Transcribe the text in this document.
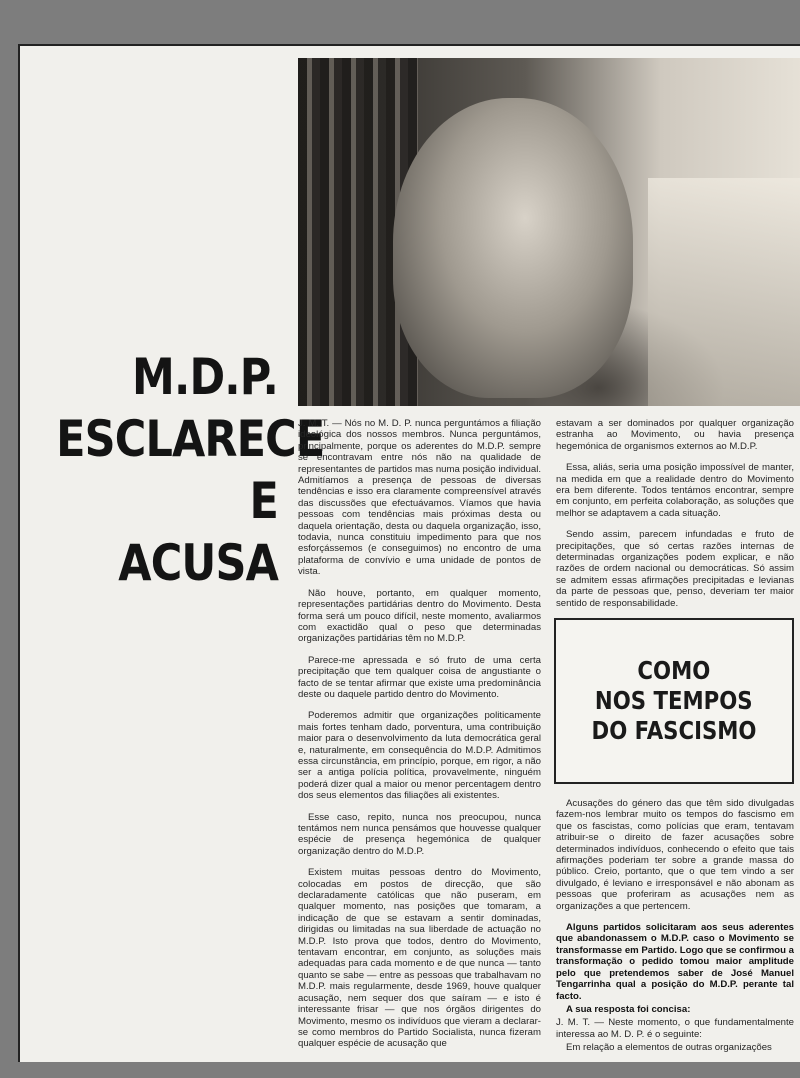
M.D.P.
ESCLARECE
E
ACUSA

J. M. T. — Nós no M. D. P. nunca perguntámos a filiação ideológica dos nossos membros. Nunca perguntámos, principalmente, porque os aderentes do M.D.P. sempre se encontravam entre nós não na qualidade de representantes de partidos mas numa posição individual. Admitíamos a presença de pessoas de diversas tendências e isso era claramente compreensível através das discussões que efectuávamos. Víamos que havia pessoas com tendências mais próximas desta ou daquela orientação, desta ou daquela organização, isso, todavia, nunca constituiu impedimento para que nos esforçássemos (e conseguimos) no encontro de uma plataforma de convívio e uma unidade de pontos de vista.

Não houve, portanto, em qualquer momento, representações partidárias dentro do Movimento. Desta forma será um pouco difícil, neste momento, avaliarmos com exactidão qual o peso que determinadas organizações partidárias têm no M.D.P.

Parece-me apressada e só fruto de uma certa precipitação que tem qualquer coisa de angustiante o facto de se tentar afirmar que existe uma predominância deste ou daquele partido dentro do Movimento.

Poderemos admitir que organizações politicamente mais fortes tenham dado, porventura, uma contribuição maior para o desenvolvimento da luta democrática geral e, naturalmente, em consequência do M.D.P. Admitimos essa circunstância, em princípio, porque, em rigor, a não ser a antiga polícia política, provavelmente, ninguém poderá dizer qual a maior ou menor percentagem dentro dos seus elementos das filiações ali existentes.

Esse caso, repito, nunca nos preocupou, nunca tentámos nem nunca pensámos que houvesse qualquer espécie de presença hegemónica de qualquer organização dentro do M.D.P.

Existem muitas pessoas dentro do Movimento, colocadas em postos de direcção, que são declaradamente católicas que não puseram, em qualquer momento, nas posições que tomaram, a indicação de que se estavam a sentir dominadas, dirigidas ou limitadas na sua liberdade de actuação no M.D.P. Isto prova que todos, dentro do Movimento, tentavam encontrar, em conjunto, as soluções mais adequadas para cada momento e de que nunca — tanto quanto se sabe — entre as pessoas que trabalhavam no M.D.P. mais regularmente, desde 1969, houve qualquer acusação, nem sequer dos que saíram — e isto é interessante frisar — que nos órgãos dirigentes do Movimento, mesmo os indivíduos que vieram a declarar-se como membros do Partido Socialista, nunca fizeram qualquer espécie de acusação que

estavam a ser dominados por qualquer organização estranha ao Movimento, ou havia presença hegemónica de organismos externos ao M.D.P.

Essa, aliás, seria uma posição impossível de manter, na medida em que a realidade dentro do Movimento era bem diferente. Todos tentámos encontrar, sempre em conjunto, em perfeita colaboração, as soluções que melhor se adaptavem a cada situação.

Sendo assim, parecem infundadas e fruto de precipitações, que só certas razões internas de determinadas organizações podem explicar, e não razões de ordem nacional ou democráticas. Só assim se admitem essas afirmações precipitadas e levianas da parte de pessoas que, penso, deveriam ter maior sentido de responsabilidade.

COMO
NOS TEMPOS
DO FASCISMO

Acusações do género das que têm sido divulgadas fazem-nos lembrar muito os tempos do fascismo em que os fascistas, como polícias que eram, tentavam atribuir-se o direito de fazer acusações sobre determinados indivíduos, conhecendo o efeito que tais afirmações poderiam ter sobre a grande massa do público. Creio, portanto, que o que tem vindo a ser divulgado, é leviano e irresponsável e não abonam as pessoas que proferiram as acusações nem as organizações a que pertencem.

Alguns partidos solicitaram aos seus aderentes que abandonassem o M.D.P. caso o Movimento se transformasse em Partido. Logo que se confirmou a transformação o pedido tomou maior amplitude pelo que pretendemos saber de José Manuel Tengarrinha qual a posição do M.D.P. perante tal facto.

A sua resposta foi concisa:

J. M. T. — Neste momento, o que fundamentalmente interessa ao M. D. P. é o seguinte:

Em relação a elementos de outras organizações
